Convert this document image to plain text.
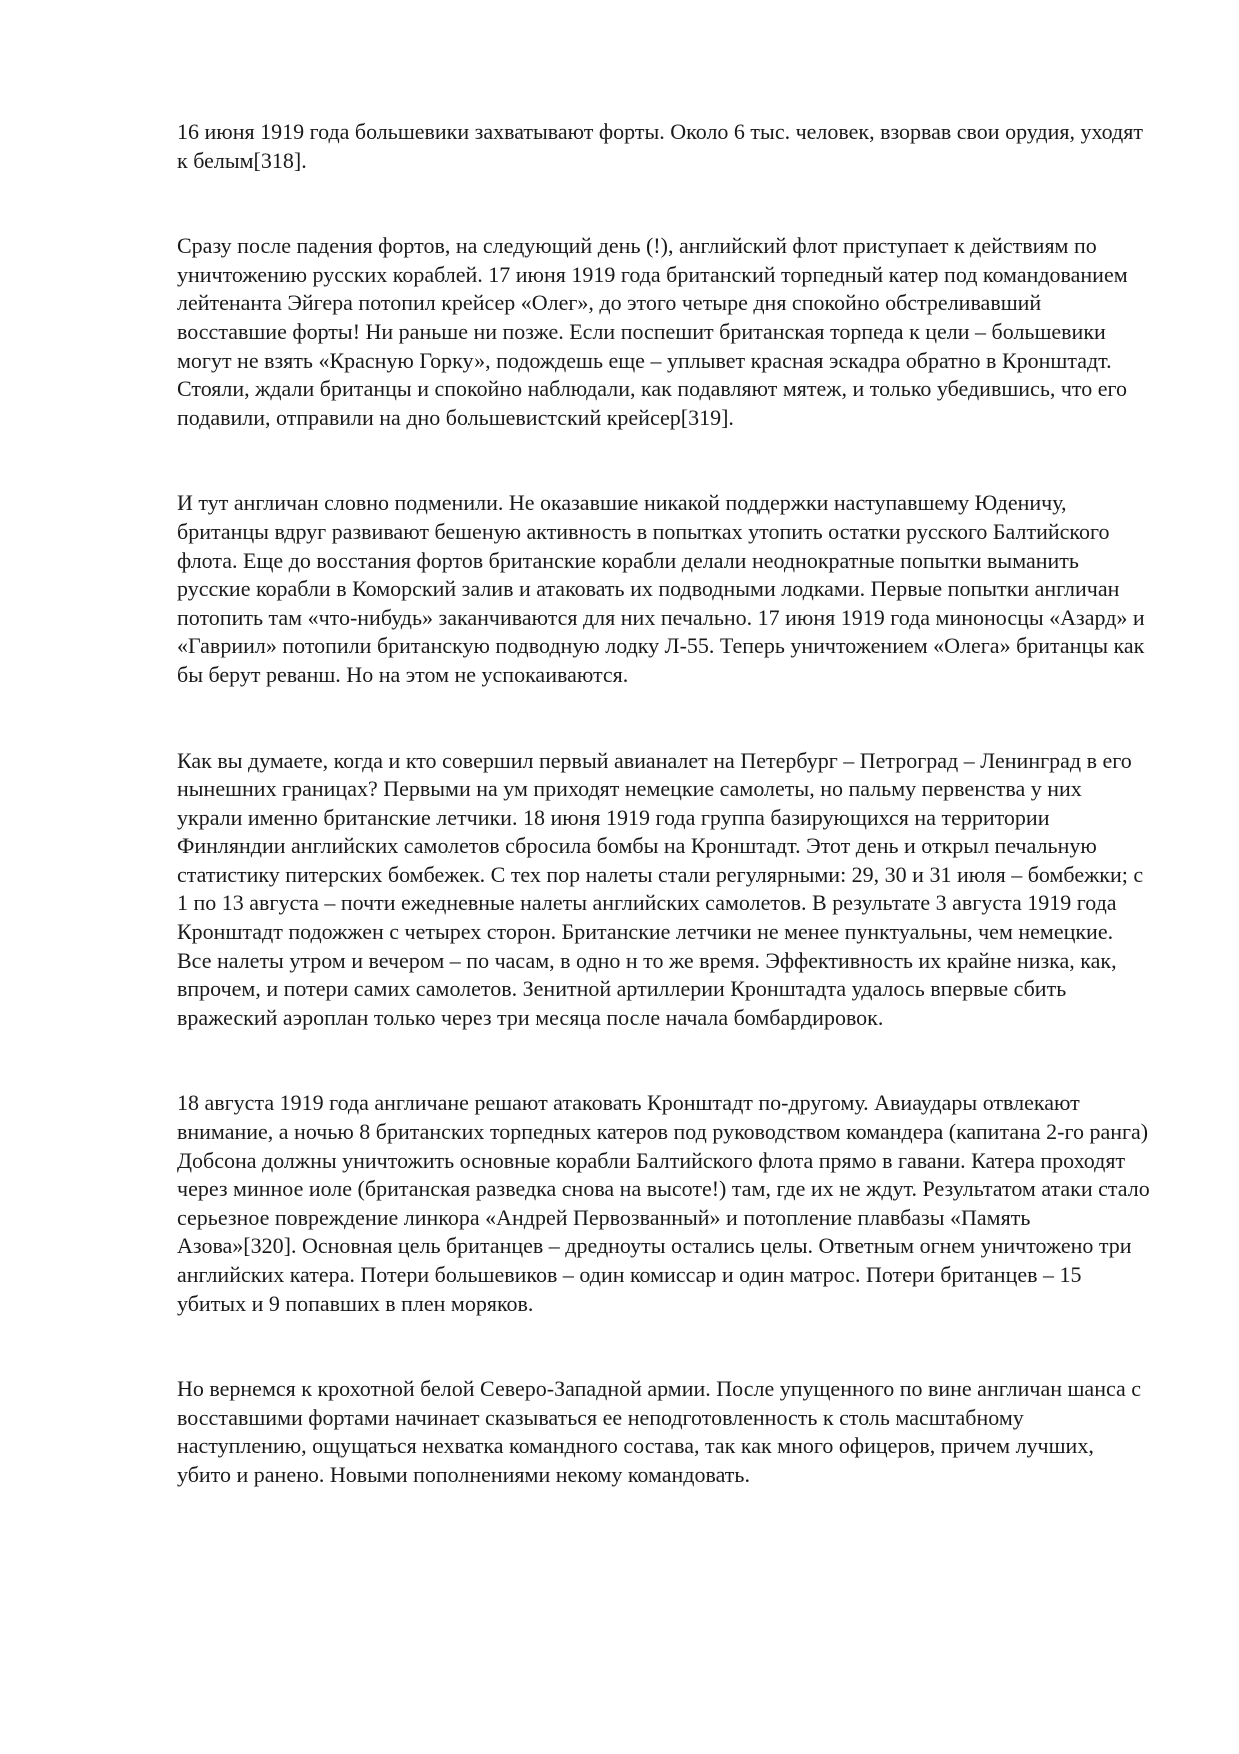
16 июня 1919 года большевики захватывают форты. Около 6 тыс. человек, взорвав свои орудия, уходят к белым[318].

Сразу после падения фортов, на следующий день (!), английский флот приступает к действиям по уничтожению русских кораблей. 17 июня 1919 года британский торпедный катер под командованием лейтенанта Эйгера потопил крейсер «Олег», до этого четыре дня спокойно обстреливавший восставшие форты! Ни раньше ни позже. Если поспешит британская торпеда к цели – большевики могут не взять «Красную Горку», подождешь еще – уплывет красная эскадра обратно в Кронштадт. Стояли, ждали британцы и спокойно наблюдали, как подавляют мятеж, и только убедившись, что его подавили, отправили на дно большевистский крейсер[319].

И тут англичан словно подменили. Не оказавшие никакой поддержки наступавшему Юденичу, британцы вдруг развивают бешеную активность в попытках утопить остатки русского Балтийского флота. Еще до восстания фортов британские корабли делали неоднократные попытки выманить русские корабли в Коморский залив и атаковать их подводными лодками. Первые попытки англичан потопить там «что-нибудь» заканчиваются для них печально. 17 июня 1919 года миноносцы «Азард» и «Гавриил» потопили британскую подводную лодку Л-55. Теперь уничтожением «Олега» британцы как бы берут реванш. Но на этом не успокаиваются.

Как вы думаете, когда и кто совершил первый авианалет на Петербург – Петроград – Ленинград в его нынешних границах? Первыми на ум приходят немецкие самолеты, но пальму первенства у них украли именно британские летчики. 18 июня 1919 года группа базирующихся на территории Финляндии английских самолетов сбросила бомбы на Кронштадт. Этот день и открыл печальную статистику питерских бомбежек. С тех пор налеты стали регулярными: 29, 30 и 31 июля – бомбежки; с 1 по 13 августа – почти ежедневные налеты английских самолетов. В результате 3 августа 1919 года Кронштадт подожжен с четырех сторон. Британские летчики не менее пунктуальны, чем немецкие. Все налеты утром и вечером – по часам, в одно н то же время. Эффективность их крайне низка, как, впрочем, и потери самих самолетов. Зенитной артиллерии Кронштадта удалось впервые сбить вражеский аэроплан только через три месяца после начала бомбардировок.

18 августа 1919 года англичане решают атаковать Кронштадт по-другому. Авиаудары отвлекают внимание, а ночью 8 британских торпедных катеров под руководством командера (капитана 2-го ранга) Добсона должны уничтожить основные корабли Балтийского флота прямо в гавани. Катера проходят через минное иоле (британская разведка снова на высоте!) там, где их не ждут. Результатом атаки стало серьезное повреждение линкора «Андрей Первозванный» и потопление плавбазы «Память Азова»[320]. Основная цель британцев – дредноуты остались целы. Ответным огнем уничтожено три английских катера. Потери большевиков – один комиссар и один матрос. Потери британцев – 15 убитых и 9 попавших в плен моряков.

Но вернемся к крохотной белой Северо-Западной армии. После упущенного по вине англичан шанса с восставшими фортами начинает сказываться ее неподготовленность к столь масштабному наступлению, ощущаться нехватка командного состава, так как много офицеров, причем лучших, убито и ранено. Новыми пополнениями некому командовать.
